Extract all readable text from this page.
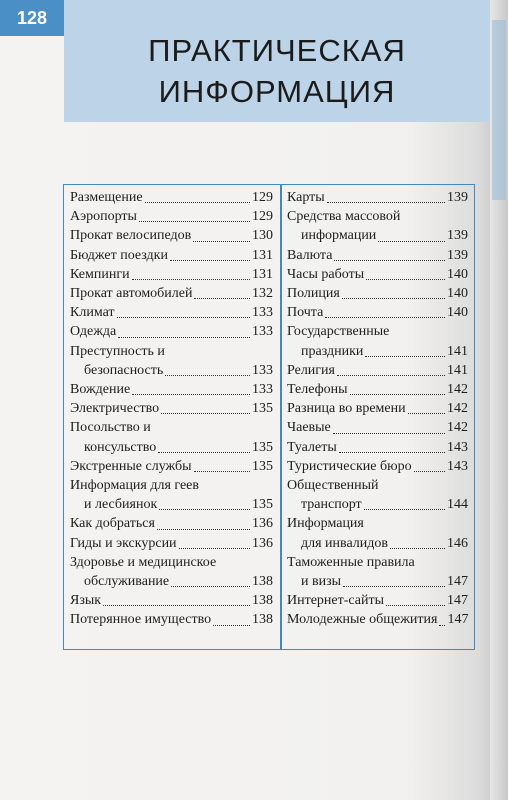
128
ПРАКТИЧЕСКАЯ
ИНФОРМАЦИЯ
Размещение	129
Аэропорты	129
Прокат велосипедов	130
Бюджет поездки	131
Кемпинги	131
Прокат автомобилей	132
Климат	133
Одежда	133
Преступность и
безопасность	133
Вождение	133
Электричество	135
Посольство и
консульство	135
Экстренные службы	135
Информация для геев
и лесбиянок	135
Как добраться	136
Гиды и экскурсии	136
Здоровье и медицинское
обслуживание	138
Язык	138
Потерянное имущество	138
Карты	139
Средства массовой
информации	139
Валюта	139
Часы работы	140
Полиция	140
Почта	140
Государственные
праздники	141
Религия	141
Телефоны	142
Разница во времени	142
Чаевые	142
Туалеты	143
Туристические бюро	143
Общественный
транспорт	144
Информация
для инвалидов	146
Таможенные правила
и визы	147
Интернет-сайты	147
Молодежные общежития 147
